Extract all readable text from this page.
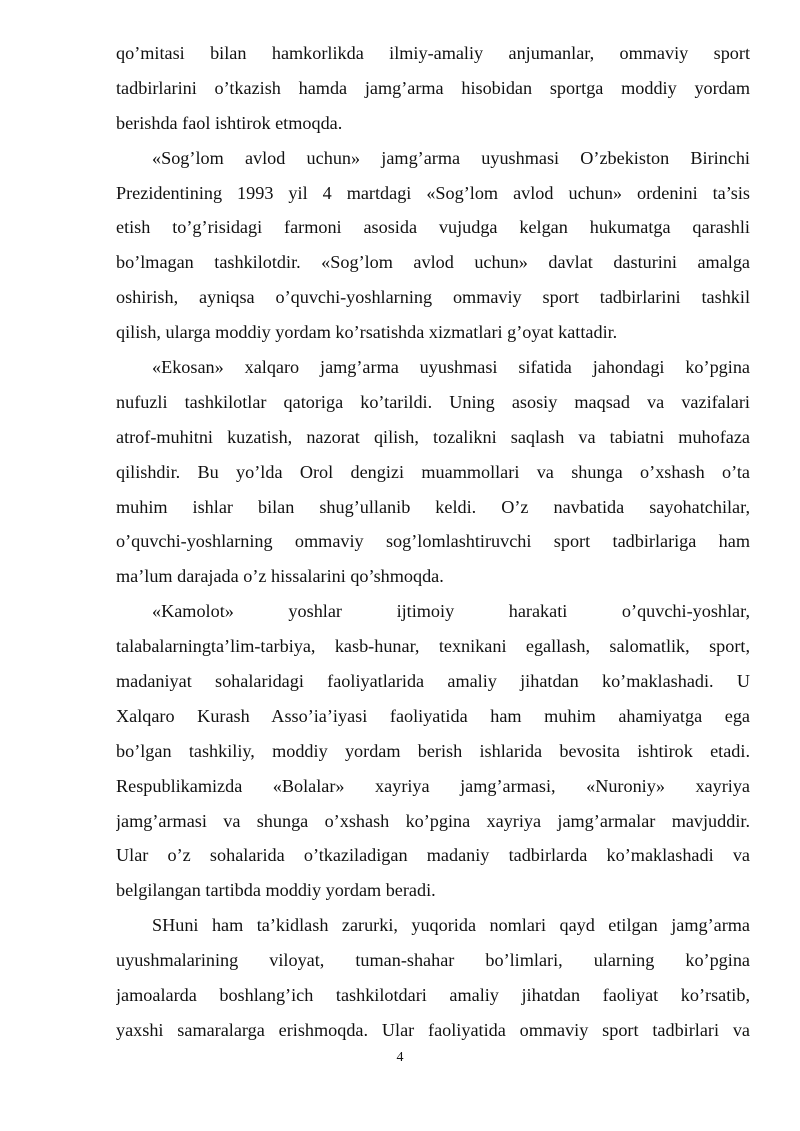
qo’mitasi bilan hamkorlikda ilmiy-amaliy anjumanlar, ommaviy sport
tadbirlarini o’tkazish hamda jamg’arma hisobidan sportga moddiy yordam
berishda faol ishtirok etmoqda.
«Sog’lom avlod uchun» jamg’arma uyushmasi O’zbekiston Birinchi
Prezidentining 1993 yil 4 martdagi «Sog’lom avlod uchun» ordenini ta’sis
etish to’g’risidagi farmoni asosida vujudga kelgan hukumatga qarashli
bo’lmagan tashkilotdir. «Sog’lom avlod uchun» davlat dasturini amalga
oshirish, ayniqsa o’quvchi-yoshlarning ommaviy sport tadbirlarini tashkil
qilish, ularga moddiy yordam ko’rsatishda xizmatlari g’oyat kattadir.
«Ekosan» xalqaro jamg’arma uyushmasi sifatida jahondagi ko’pgina
nufuzli tashkilotlar qatoriga ko’tarildi. Uning asosiy maqsad va vazifalari
atrof-muhitni kuzatish, nazorat qilish, tozalikni saqlash va tabiatni muhofaza
qilishdir. Bu yo’lda Orol dengizi muammollari va shunga o’xshash o’ta
muhim ishlar bilan shug’ullanib keldi. O’z navbatida sayohatchilar,
o’quvchi-yoshlarning ommaviy sog’lomlashtiruvchi sport tadbirlariga ham
ma’lum darajada o’z hissalarini qo’shmoqda.
«Kamolot» yoshlar ijtimoiy harakati o’quvchi-yoshlar,
talabalarningta’lim-tarbiya, kasb-hunar, texnikani egallash, salomatlik, sport,
madaniyat sohalaridagi faoliyatlarida amaliy jihatdan ko’maklashadi. U
Xalqaro Kurash Asso’ia’iyasi faoliyatida ham muhim ahamiyatga ega
bo’lgan tashkiliy, moddiy yordam berish ishlarida bevosita ishtirok etadi.
Respublikamizda «Bolalar» xayriya jamg’armasi, «Nuroniy» xayriya
jamg’armasi va shunga o’xshash ko’pgina xayriya jamg’armalar mavjuddir.
Ular o’z sohalarida o’tkaziladigan madaniy tadbirlarda ko’maklashadi va
belgilangan tartibda moddiy yordam beradi.
SHuni ham ta’kidlash zarurki, yuqorida nomlari qayd etilgan jamg’arma
uyushmalarining viloyat, tuman-shahar bo’limlari, ularning ko’pgina
jamoalarda boshlang’ich tashkilotdari amaliy jihatdan faoliyat ko’rsatib,
yaxshi samaralarga erishmoqda. Ular faoliyatida ommaviy sport tadbirlari va
4
